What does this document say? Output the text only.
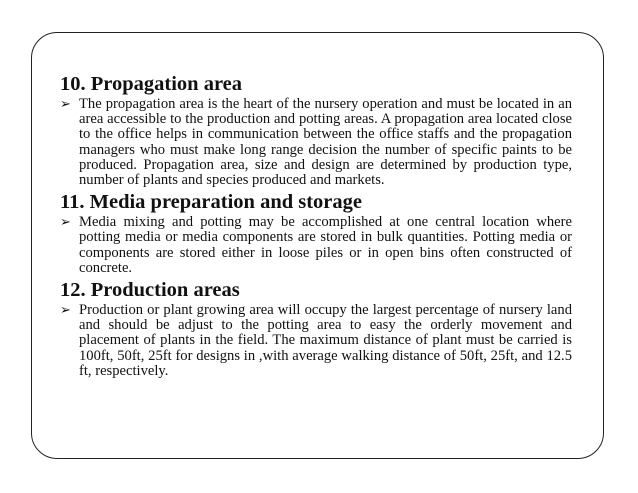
10. Propagation area
➢ The propagation area is the heart of the nursery operation and must be located in an area accessible to the production and potting areas. A propagation area located close to the office helps in communication between the office staffs and the propagation managers who must make long range decision the number of specific paints to be produced. Propagation area, size and design are determined by production type, number of plants and species produced and markets.
11. Media preparation and storage
➢ Media mixing and potting may be accomplished at one central location where potting media or media components are stored in bulk quantities. Potting media or components are stored either in loose piles or in open bins often constructed of concrete.
12. Production areas
➢ Production or plant growing area will occupy the largest percentage of nursery land and should be adjust to the potting area to easy the orderly movement and placement of plants in the field. The maximum distance of plant must be carried is 100ft, 50ft, 25ft for designs in ,with average walking distance of 50ft, 25ft, and 12.5 ft, respectively.
